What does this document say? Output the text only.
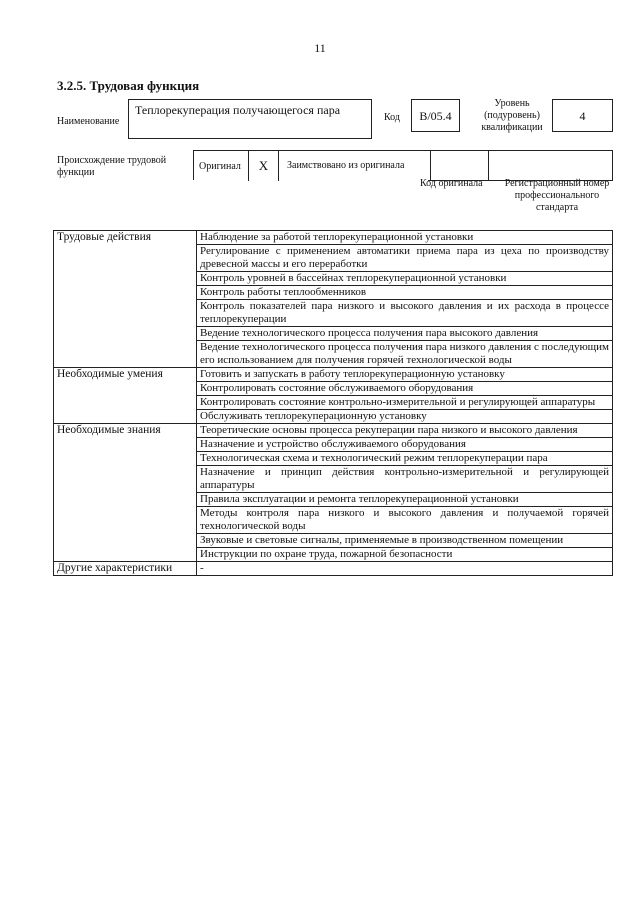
11
3.2.5. Трудовая функция
Наименование
Теплорекуперация получающегося пара
Код	B/05.4
Уровень (подуровень) квалификации
4
Происхождение трудовой функции
Оригинал	X	Заимствовано из оригинала
Код оригинала	Регистрационный номер профессионального стандарта
Трудовые действия	Наблюдение за работой теплорекуперационной установки
	Регулирование с применением автоматики приема пара из цеха по производству древесной массы и его переработки
	Контроль уровней в бассейнах теплорекуперационной установки
	Контроль работы теплообменников
	Контроль показателей пара низкого и высокого давления и их расхода в процессе теплорекуперации
	Ведение технологического процесса получения пара высокого давления
	Ведение технологического процесса получения пара низкого давления с последующим его использованием для получения горячей технологической воды
Необходимые умения	Готовить и запускать в работу теплорекуперационную установку
	Контролировать состояние обслуживаемого оборудования
	Контролировать состояние контрольно-измерительной и регулирующей аппаратуры
	Обслуживать теплорекуперационную установку
Необходимые знания	Теоретические основы процесса рекуперации пара низкого и высокого давления
	Назначение и устройство обслуживаемого оборудования
	Технологическая схема и технологический режим теплорекуперации пара
	Назначение и принцип действия контрольно-измерительной и регулирующей аппаратуры
	Правила эксплуатации и ремонта теплорекуперационной установки
	Методы контроля пара низкого и высокого давления и получаемой горячей технологической воды
	Звуковые и световые сигналы, применяемые в производственном помещении
	Инструкции по охране труда, пожарной безопасности
Другие характеристики	-
